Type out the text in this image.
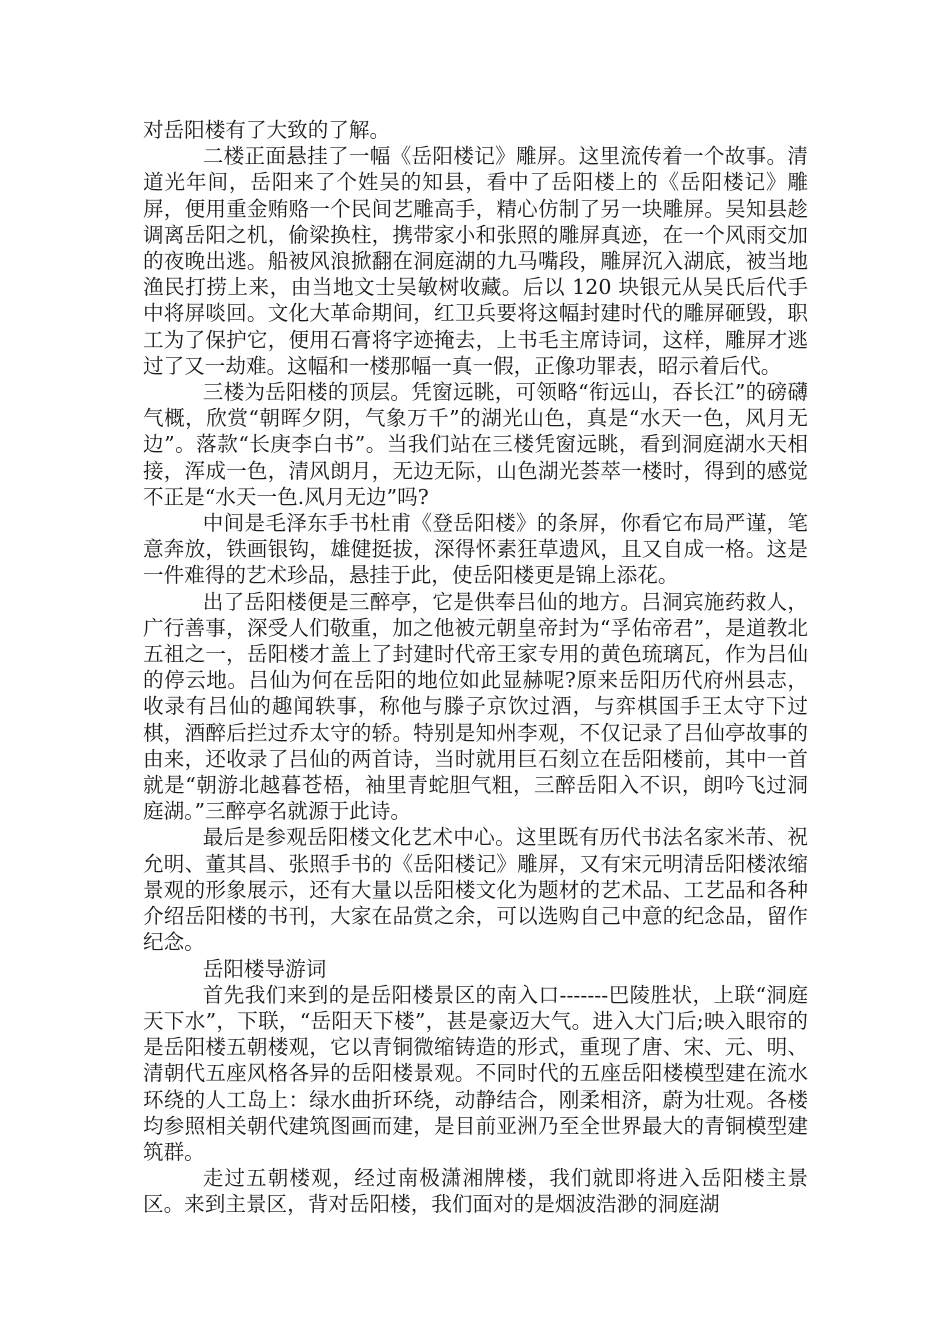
对岳阳楼有了大致的了解。

二楼正面悬挂了一幅《岳阳楼记》雕屏。这里流传着一个故事。清道光年间，岳阳来了个姓吴的知县，看中了岳阳楼上的《岳阳楼记》雕屏，便用重金贿赂一个民间艺雕高手，精心仿制了另一块雕屏。吴知县趁调离岳阳之机，偷梁换柱，携带家小和张照的雕屏真迹，在一个风雨交加的夜晚出逃。船被风浪掀翻在洞庭湖的九马嘴段，雕屏沉入湖底，被当地渔民打捞上来，由当地文士吴敏树收藏。后以 120 块银元从吴氏后代手中将屏啖回。文化大革命期间，红卫兵要将这幅封建时代的雕屏砸毁，职工为了保护它，便用石膏将字迹掩去，上书毛主席诗词，这样，雕屏才逃过了又一劫难。这幅和一楼那幅一真一假，正像功罪表，昭示着后代。

三楼为岳阳楼的顶层。凭窗远眺，可领略“衔远山，吞长江”的磅礴气概，欣赏“朝晖夕阴，气象万千”的湖光山色，真是“水天一色，风月无边”。落款“长庚李白书”。当我们站在三楼凭窗远眺，看到洞庭湖水天相接，浑成一色，清风朗月，无边无际，山色湖光荟萃一楼时，得到的感觉不正是“水天一色.风月无边”吗?

中间是毛泽东手书杜甫《登岳阳楼》的条屏，你看它布局严谨，笔意奔放，铁画银钩，雄健挺拔，深得怀素狂草遗风，且又自成一格。这是一件难得的艺术珍品，悬挂于此，使岳阳楼更是锦上添花。

出了岳阳楼便是三醉亭，它是供奉吕仙的地方。吕洞宾施药救人，广行善事，深受人们敬重，加之他被元朝皇帝封为“孚佑帝君”，是道教北五祖之一，岳阳楼才盖上了封建时代帝王家专用的黄色琉璃瓦，作为吕仙的停云地。吕仙为何在岳阳的地位如此显赫呢?原来岳阳历代府州县志，收录有吕仙的趣闻轶事，称他与滕子京饮过酒，与弈棋国手王太守下过棋，酒醉后拦过乔太守的轿。特别是知州李观，不仅记录了吕仙亭故事的由来，还收录了吕仙的两首诗，当时就用巨石刻立在岳阳楼前，其中一首就是“朝游北越暮苍梧，袖里青蛇胆气粗，三醉岳阳入不识，朗吟飞过洞庭湖。”三醉亭名就源于此诗。

最后是参观岳阳楼文化艺术中心。这里既有历代书法名家米芾、祝允明、董其昌、张照手书的《岳阳楼记》雕屏，又有宋元明清岳阳楼浓缩景观的形象展示，还有大量以岳阳楼文化为题材的艺术品、工艺品和各种介绍岳阳楼的书刊，大家在品赏之余，可以选购自己中意的纪念品，留作纪念。

岳阳楼导游词

首先我们来到的是岳阳楼景区的南入口-------巴陵胜状，上联“洞庭天下水”，下联，“岳阳天下楼”，甚是豪迈大气。进入大门后;映入眼帘的是岳阳楼五朝楼观，它以青铜微缩铸造的形式，重现了唐、宋、元、明、清朝代五座风格各异的岳阳楼景观。不同时代的五座岳阳楼模型建在流水环绕的人工岛上：绿水曲折环绕，动静结合，刚柔相济，蔚为壮观。各楼均参照相关朝代建筑图画而建，是目前亚洲乃至全世界最大的青铜模型建筑群。

走过五朝楼观，经过南极潇湘牌楼，我们就即将进入岳阳楼主景区。来到主景区，背对岳阳楼，我们面对的是烟波浩渺的洞庭湖
